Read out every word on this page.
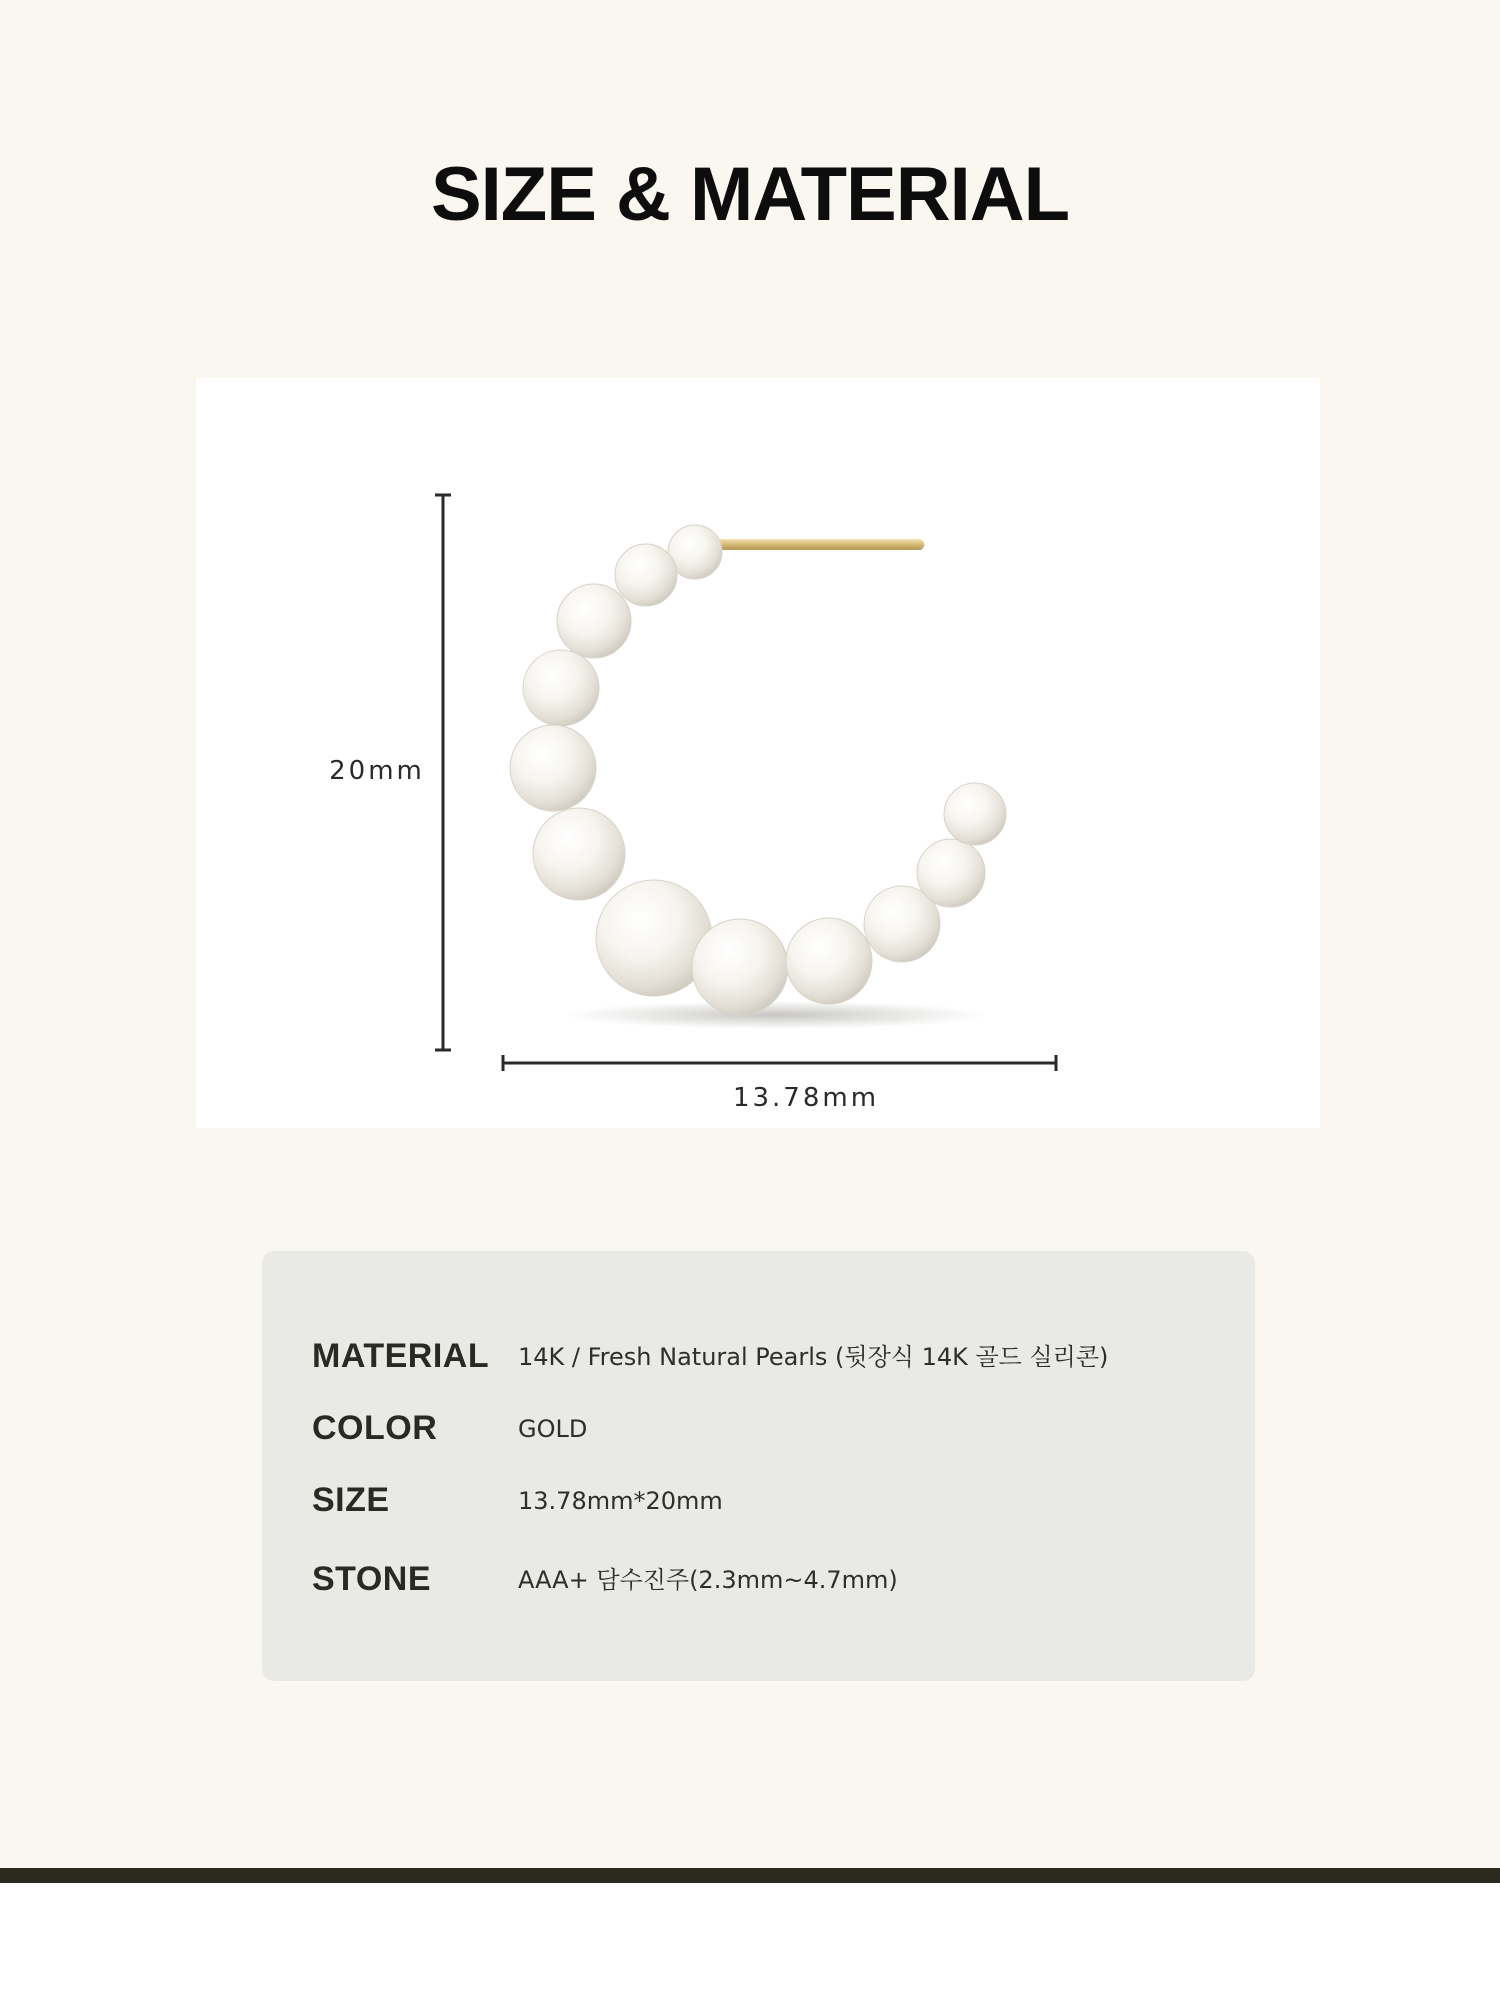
SIZE & MATERIAL
20mm
13.78mm
MATERIAL 14K / Fresh Natural Pearls (뒷장식 14K 골드 실리콘)
COLOR	GOLD
SIZE	13.78mm*20mm
STONE	AAA+ 담수진주(2.3mm~4.7mm)
